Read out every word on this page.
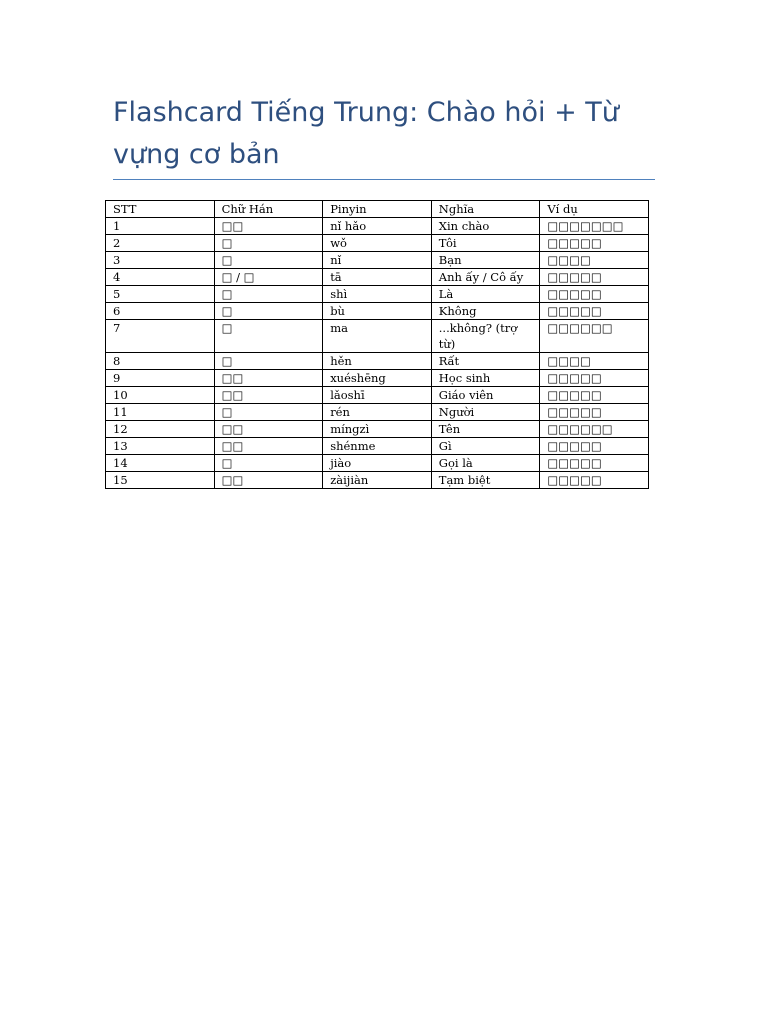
Flashcard Tiếng Trung: Chào hỏi + Từ vựng cơ bản
STT	Chữ Hán	Pinyin	Nghĩa	Ví dụ
1	□□	nǐ hǎo	Xin chào	□□□□□□□
2	□	wǒ	Tôi	□□□□□
3	□	nǐ	Bạn	□□□□
4	□ / □	tā	Anh ấy / Cô ấy	□□□□□
5	□	shì	Là	□□□□□
6	□	bù	Không	□□□□□
7	□	ma	...không? (trợ từ)	□□□□□□
8	□	hěn	Rất	□□□□
9	□□	xuéshēng	Học sinh	□□□□□
10	□□	lǎoshī	Giáo viên	□□□□□
11	□	rén	Người	□□□□□
12	□□	míngzì	Tên	□□□□□□
13	□□	shénme	Gì	□□□□□
14	□	jiào	Gọi là	□□□□□
15	□□	zàijiàn	Tạm biệt	□□□□□
